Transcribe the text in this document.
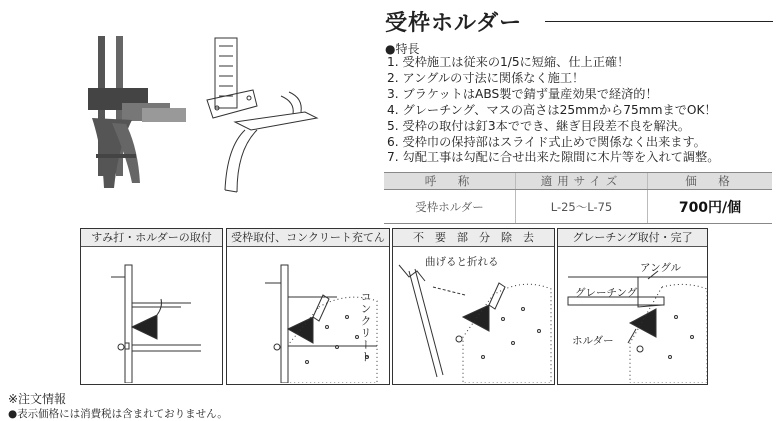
受枠ホルダー
●特長
1. 受枠施工は従来の1/5に短縮、仕上正確！
2. アングルの寸法に関係なく施工！
3. ブラケットはABS製で錆ず量産効果で経済的！
4. グレーチング、マスの高さは25mmから75mmまでOK！
5. 受枠の取付は釘3本ででき、継ぎ目段差不良を解決。
6. 受枠巾の保持部はスライド式止めで関係なく出来ます。
7. 勾配工事は勾配に合せ出来た隙間に木片等を入れて調整。
呼　称	適用サイズ	価　格
受枠ホルダー	L-25～L-75	700円/個
すみ打・ホルダーの取付	受枠取付、コンクリート充てん
コンクリート
不　要　部　分　除　去
曲げると折れる
グレーチング取付・完了
アングル
グレーチング
ホルダー
※注文情報
●表示価格には消費税は含まれておりません。
